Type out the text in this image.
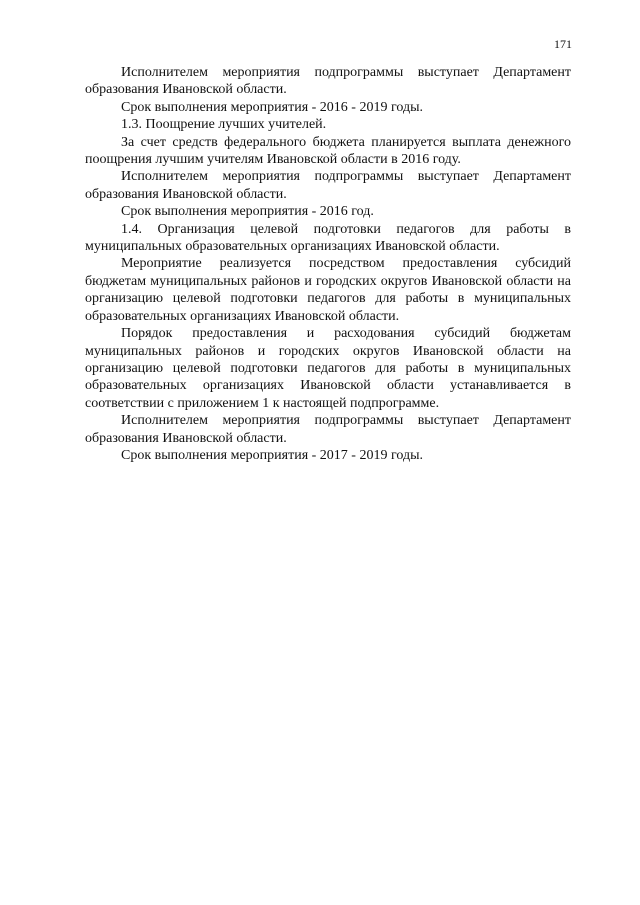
171

Исполнителем мероприятия подпрограммы выступает Департамент образования Ивановской области.

Срок выполнения мероприятия - 2016 - 2019 годы.

1.3. Поощрение лучших учителей.

За счет средств федерального бюджета планируется выплата денежного поощрения лучшим учителям Ивановской области в 2016 году.

Исполнителем мероприятия подпрограммы выступает Департамент образования Ивановской области.

Срок выполнения мероприятия - 2016 год.

1.4. Организация целевой подготовки педагогов для работы в муниципальных образовательных организациях Ивановской области.

Мероприятие реализуется посредством предоставления субсидий бюджетам муниципальных районов и городских округов Ивановской области на организацию целевой подготовки педагогов для работы в муниципальных образовательных организациях Ивановской области.

Порядок предоставления и расходования субсидий бюджетам муниципальных районов и городских округов Ивановской области на организацию целевой подготовки педагогов для работы в муниципальных образовательных организациях Ивановской области устанавливается в соответствии с приложением 1 к настоящей подпрограмме.

Исполнителем мероприятия подпрограммы выступает Департамент образования Ивановской области.

Срок выполнения мероприятия - 2017 - 2019 годы.
